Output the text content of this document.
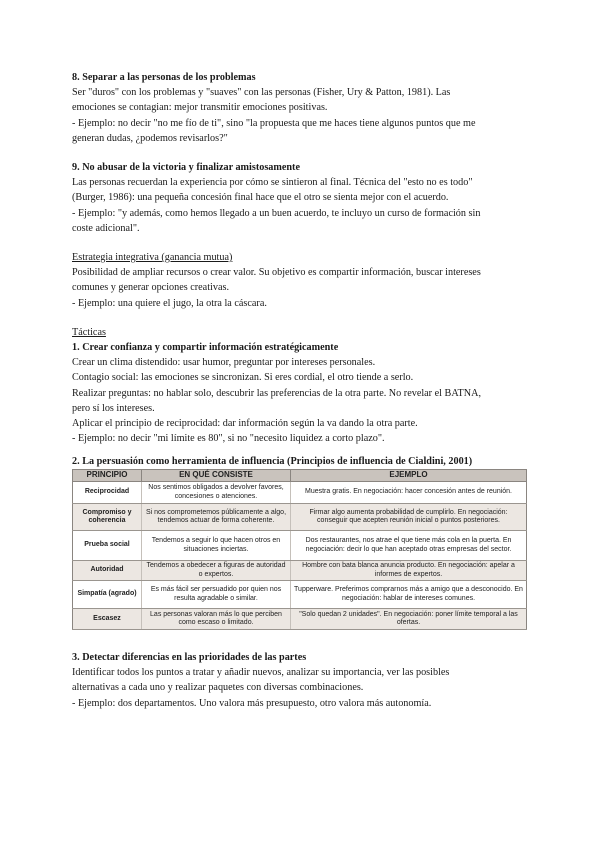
8. Separar a las personas de los problemas

Ser "duros" con los problemas y "suaves" con las personas (Fisher, Ury & Patton, 1981). Las

emociones se contagian: mejor transmitir emociones positivas.

- Ejemplo: no decir "no me fío de ti", sino "la propuesta que me haces tiene algunos puntos que me

generan dudas, ¿podemos revisarlos?"

9. No abusar de la victoria y finalizar amistosamente

Las personas recuerdan la experiencia por cómo se sintieron al final. Técnica del "esto no es todo"

(Burger, 1986): una pequeña concesión final hace que el otro se sienta mejor con el acuerdo.

- Ejemplo: "y además, como hemos llegado a un buen acuerdo, te incluyo un curso de formación sin

coste adicional".

Estrategia integrativa (ganancia mutua)

Posibilidad de ampliar recursos o crear valor. Su objetivo es compartir información, buscar intereses

comunes y generar opciones creativas.

- Ejemplo: una quiere el jugo, la otra la cáscara.

Tácticas

1. Crear confianza y compartir información estratégicamente

Crear un clima distendido: usar humor, preguntar por intereses personales.

Contagio social: las emociones se sincronizan. Si eres cordial, el otro tiende a serlo.

Realizar preguntas: no hablar solo, descubrir las preferencias de la otra parte. No revelar el BATNA,

pero sí los intereses.

Aplicar el principio de reciprocidad: dar información según la va dando la otra parte.

- Ejemplo: no decir "mi límite es 80", si no "necesito liquidez a corto plazo".

2. La persuasión como herramienta de influencia (Principios de influencia de Cialdini, 2001)

PRINCIPIO	EN QUÉ CONSISTE	EJEMPLO
Reciprocidad	Nos sentimos obligados a devolver favores, concesiones o atenciones.	Muestra gratis. En negociación: hacer concesión antes de reunión.
Compromiso y coherencia	Si nos comprometemos públicamente a algo, tendemos actuar de forma coherente.	Firmar algo aumenta probabilidad de cumplirlo. En negociación: conseguir que acepten reunión inicial o puntos posteriores.
Prueba social	Tendemos a seguir lo que hacen otros en situaciones inciertas.	Dos restaurantes, nos atrae el que tiene más cola en la puerta. En negociación: decir lo que han aceptado otras empresas del sector.
Autoridad	Tendemos a obedecer a figuras de autoridad o expertos.	Hombre con bata blanca anuncia producto. En negociación: apelar a informes de expertos.
Simpatía (agrado)	Es más fácil ser persuadido por quien nos resulta agradable o similar.	Tupperware. Preferimos comprarnos más a amigo que a desconocido. En negociación: hablar de intereses comunes.
Escasez	Las personas valoran más lo que perciben como escaso o limitado.	"Solo quedan 2 unidades". En negociación: poner límite temporal a las ofertas.

3. Detectar diferencias en las prioridades de las partes

Identificar todos los puntos a tratar y añadir nuevos, analizar su importancia, ver las posibles

alternativas a cada uno y realizar paquetes con diversas combinaciones.

- Ejemplo: dos departamentos. Uno valora más presupuesto, otro valora más autonomía.
